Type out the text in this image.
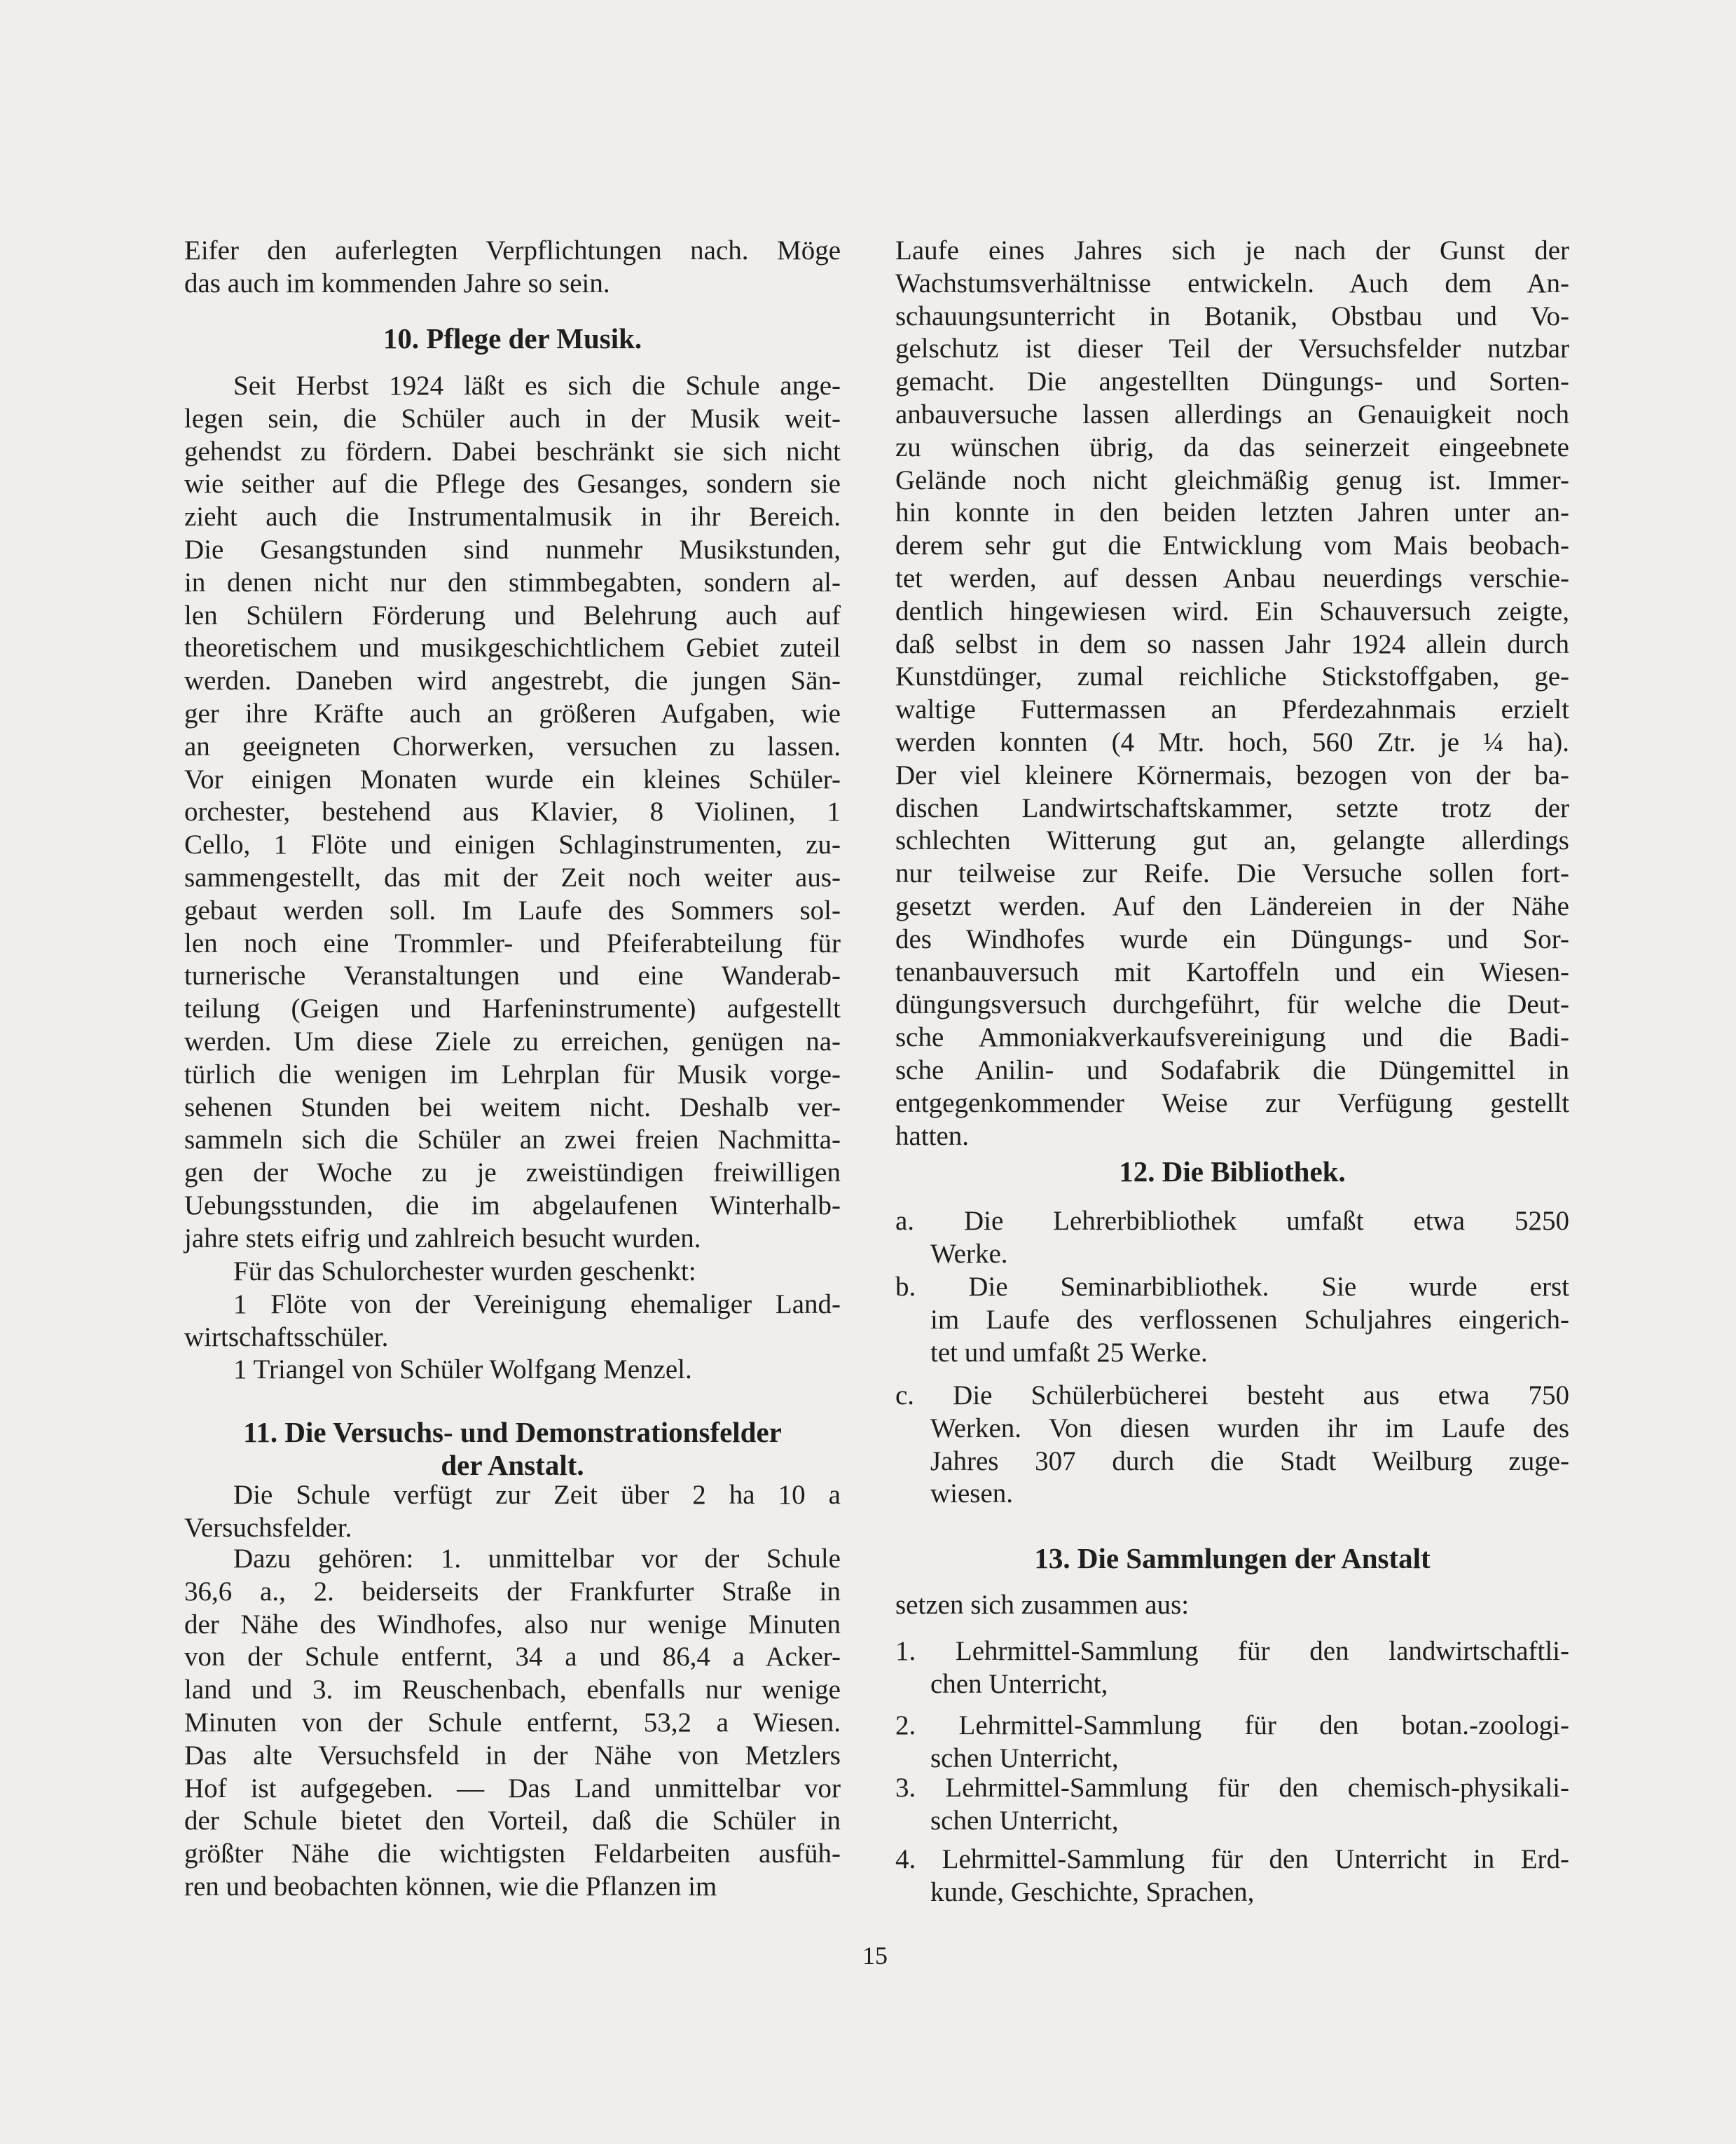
Eifer den auferlegten Verpflichtungen nach. Möge
das auch im kommenden Jahre so sein.
10. Pflege der Musik.
Seit Herbst 1924 läßt es sich die Schule ange-
legen sein, die Schüler auch in der Musik weit-
gehendst zu fördern. Dabei beschränkt sie sich nicht
wie seither auf die Pflege des Gesanges, sondern sie
zieht auch die Instrumentalmusik in ihr Bereich.
Die Gesangstunden sind nunmehr Musikstunden,
in denen nicht nur den stimmbegabten, sondern al-
len Schülern Förderung und Belehrung auch auf
theoretischem und musikgeschichtlichem Gebiet zuteil
werden. Daneben wird angestrebt, die jungen Sän-
ger ihre Kräfte auch an größeren Aufgaben, wie
an geeigneten Chorwerken, versuchen zu lassen.
Vor einigen Monaten wurde ein kleines Schüler-
orchester, bestehend aus Klavier, 8 Violinen, 1
Cello, 1 Flöte und einigen Schlaginstrumenten, zu-
sammengestellt, das mit der Zeit noch weiter aus-
gebaut werden soll. Im Laufe des Sommers sol-
len noch eine Trommler- und Pfeiferabteilung für
turnerische Veranstaltungen und eine Wanderab-
teilung (Geigen und Harfeninstrumente) aufgestellt
werden. Um diese Ziele zu erreichen, genügen na-
türlich die wenigen im Lehrplan für Musik vorge-
sehenen Stunden bei weitem nicht. Deshalb ver-
sammeln sich die Schüler an zwei freien Nachmitta-
gen der Woche zu je zweistündigen freiwilligen
Uebungsstunden, die im abgelaufenen Winterhalb-
jahre stets eifrig und zahlreich besucht wurden.
Für das Schulorchester wurden geschenkt:
1 Flöte von der Vereinigung ehemaliger Land-
wirtschaftsschüler.
1 Triangel von Schüler Wolfgang Menzel.
11. Die Versuchs- und Demonstrationsfelder
der Anstalt.
Die Schule verfügt zur Zeit über 2 ha 10 a
Versuchsfelder.
Dazu gehören: 1. unmittelbar vor der Schule
36,6 a., 2. beiderseits der Frankfurter Straße in
der Nähe des Windhofes, also nur wenige Minuten
von der Schule entfernt, 34 a und 86,4 a Acker-
land und 3. im Reuschenbach, ebenfalls nur wenige
Minuten von der Schule entfernt, 53,2 a Wiesen.
Das alte Versuchsfeld in der Nähe von Metzlers
Hof ist aufgegeben. — Das Land unmittelbar vor
der Schule bietet den Vorteil, daß die Schüler in
größter Nähe die wichtigsten Feldarbeiten ausfüh-
ren und beobachten können, wie die Pflanzen im
Laufe eines Jahres sich je nach der Gunst der
Wachstumsverhältnisse entwickeln. Auch dem An-
schauungsunterricht in Botanik, Obstbau und Vo-
gelschutz ist dieser Teil der Versuchsfelder nutzbar
gemacht. Die angestellten Düngungs- und Sorten-
anbauversuche lassen allerdings an Genauigkeit noch
zu wünschen übrig, da das seinerzeit eingeebnete
Gelände noch nicht gleichmäßig genug ist. Immer-
hin konnte in den beiden letzten Jahren unter an-
derem sehr gut die Entwicklung vom Mais beobach-
tet werden, auf dessen Anbau neuerdings verschie-
dentlich hingewiesen wird. Ein Schauversuch zeigte,
daß selbst in dem so nassen Jahr 1924 allein durch
Kunstdünger, zumal reichliche Stickstoffgaben, ge-
waltige Futtermassen an Pferdezahnmais erzielt
werden konnten (4 Mtr. hoch, 560 Ztr. je ¼ ha).
Der viel kleinere Körnermais, bezogen von der ba-
dischen Landwirtschaftskammer, setzte trotz der
schlechten Witterung gut an, gelangte allerdings
nur teilweise zur Reife. Die Versuche sollen fort-
gesetzt werden. Auf den Ländereien in der Nähe
des Windhofes wurde ein Düngungs- und Sor-
tenanbauversuch mit Kartoffeln und ein Wiesen-
düngungsversuch durchgeführt, für welche die Deut-
sche Ammoniakverkaufsvereinigung und die Badi-
sche Anilin- und Sodafabrik die Düngemittel in
entgegenkommender Weise zur Verfügung gestellt
hatten.
12. Die Bibliothek.
a. Die Lehrerbibliothek umfaßt etwa 5250
Werke.
b. Die Seminarbibliothek. Sie wurde erst
im Laufe des verflossenen Schuljahres eingerich-
tet und umfaßt 25 Werke.
c. Die Schülerbücherei besteht aus etwa 750
Werken. Von diesen wurden ihr im Laufe des
Jahres 307 durch die Stadt Weilburg zuge-
wiesen.
13. Die Sammlungen der Anstalt
setzen sich zusammen aus:
1. Lehrmittel-Sammlung für den landwirtschaftli-
chen Unterricht,
2. Lehrmittel-Sammlung für den botan.-zoologi-
schen Unterricht,
3. Lehrmittel-Sammlung für den chemisch-physikali-
schen Unterricht,
4. Lehrmittel-Sammlung für den Unterricht in Erd-
kunde, Geschichte, Sprachen,
15
